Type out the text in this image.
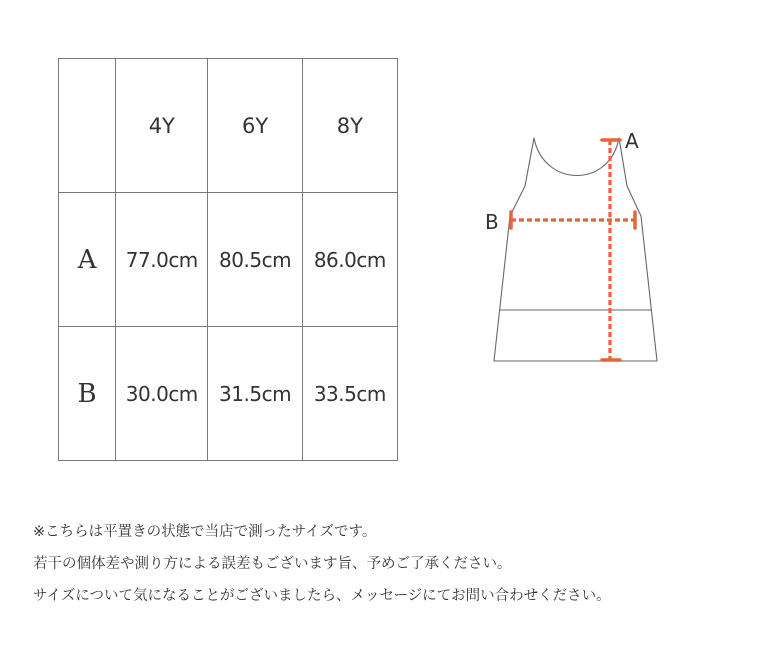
	4Y	6Y	8Y
A	77.0cm	80.5cm	86.0cm
B	30.0cm	31.5cm	33.5cm
A
B
※こちらは平置きの状態で当店で測ったサイズです。
若干の個体差や測り方による誤差もございます旨、予めご了承ください。
サイズについて気になることがございましたら、メッセージにてお問い合わせください。
